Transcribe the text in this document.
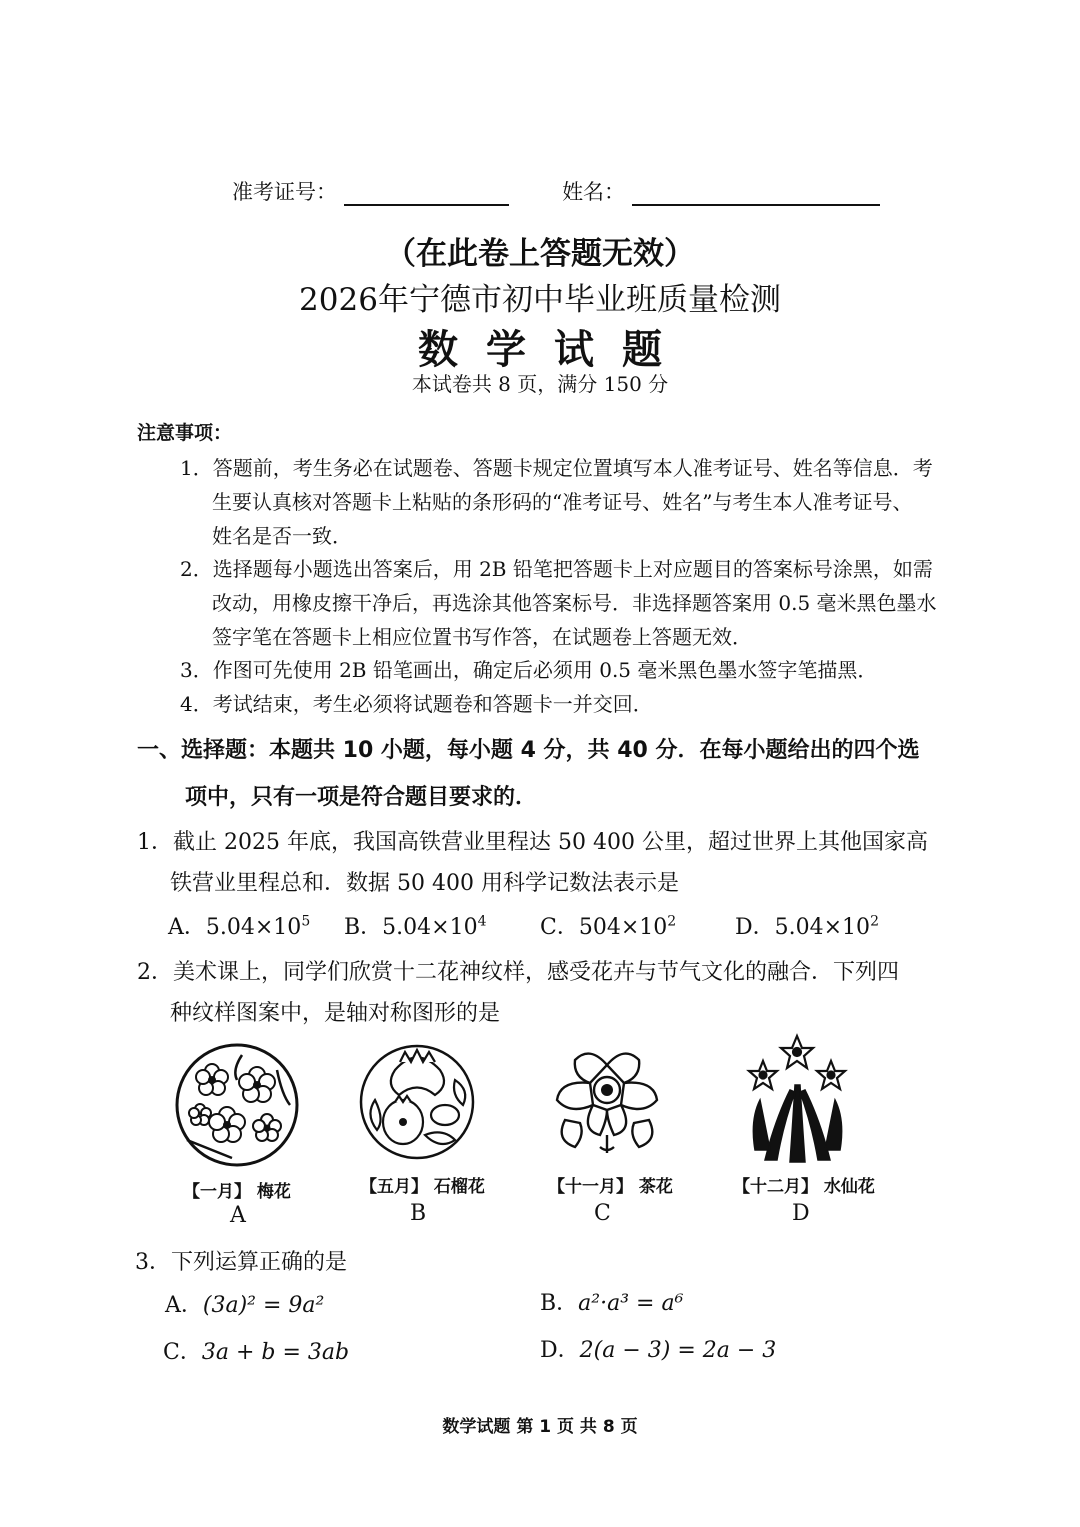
准考证号：	姓名：
（在此卷上答题无效）
2026年宁德市初中毕业班质量检测
数学试题
本试卷共 8 页，满分 150 分
注意事项：
1．答题前，考生务必在试题卷、答题卡规定位置填写本人准考证号、姓名等信息．考
生要认真核对答题卡上粘贴的条形码的“准考证号、姓名”与考生本人准考证号、
姓名是否一致．
2．选择题每小题选出答案后，用 2B 铅笔把答题卡上对应题目的答案标号涂黑，如需
改动，用橡皮擦干净后，再选涂其他答案标号．非选择题答案用 0.5 毫米黑色墨水
签字笔在答题卡上相应位置书写作答，在试题卷上答题无效．
3．作图可先使用 2B 铅笔画出，确定后必须用 0.5 毫米黑色墨水签字笔描黑．
4．考试结束，考生必须将试题卷和答题卡一并交回．
一、选择题：本题共 10 小题，每小题 4 分，共 40 分．在每小题给出的四个选
项中，只有一项是符合题目要求的．
1．截止 2025 年底，我国高铁营业里程达 50 400 公里，超过世界上其他国家高
铁营业里程总和．数据 50 400 用科学记数法表示是
A．$5.04\times 10^5$ B．$5.04\times 10^4$ C．$504\times 10^2$	D．$5.04\times 10^2$
2．美术课上，同学们欣赏十二花神纹样，感受花卉与节气文化的融合．下列四
种纹样图案中，是轴对称图形的是
【一月】 梅花	【五月】 石榴花	【十一月】 茶花	【十二月】 水仙花
A	B	C	D
3．下列运算正确的是
A．(3a)² = 9a²	B．a²·a³ = a⁶
C．3a + b = 3ab	D．2(a − 3) = 2a − 3
数学试题 第 1 页 共 8 页
